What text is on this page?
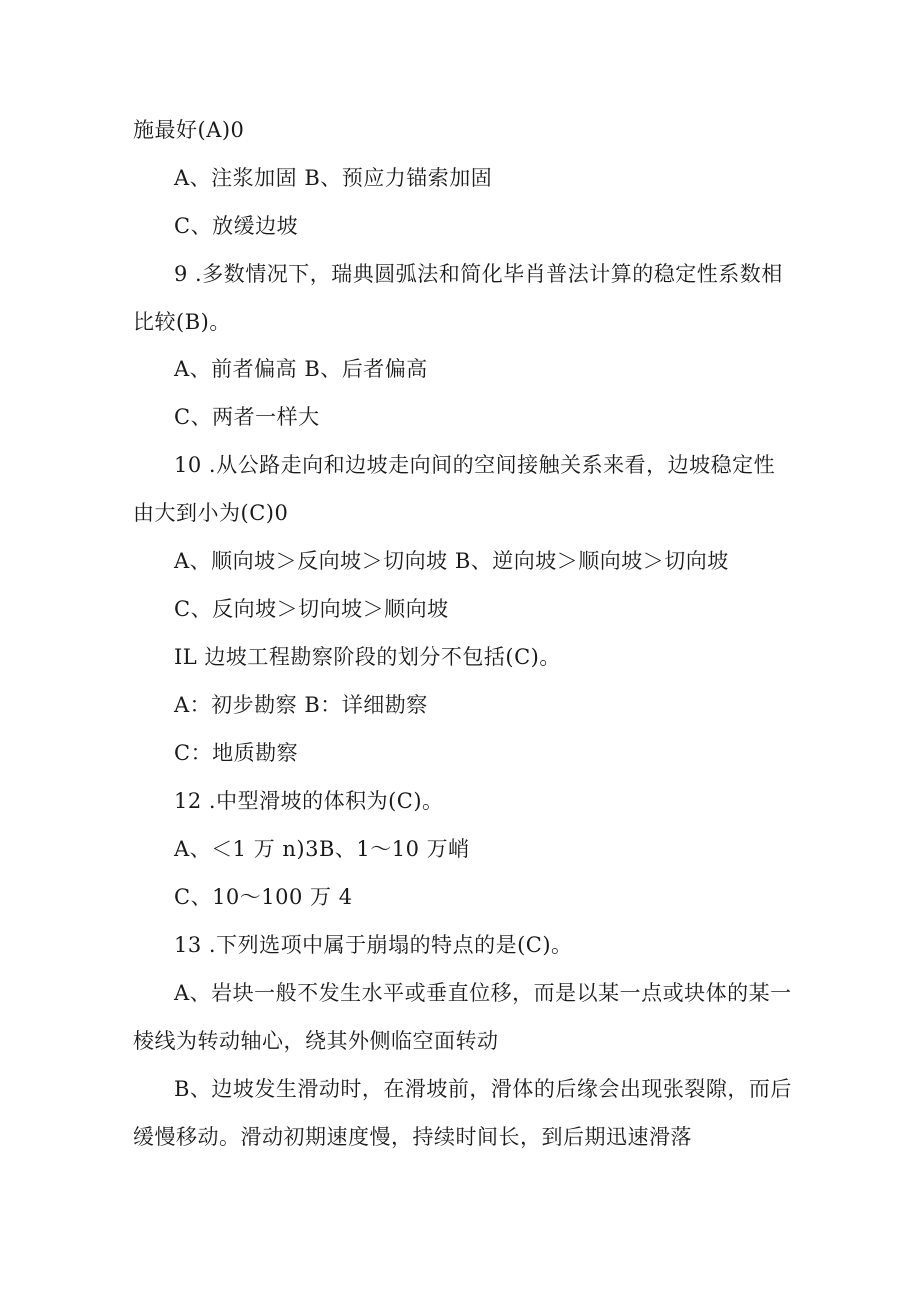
施最好(A)0
A、注浆加固 B、预应力锚索加固
C、放缓边坡
9 .多数情况下，瑞典圆弧法和简化毕肖普法计算的稳定性系数相
比较(B)。
A、前者偏高 B、后者偏高
C、两者一样大
10 .从公路走向和边坡走向间的空间接触关系来看，边坡稳定性
由大到小为(C)0
A、顺向坡＞反向坡＞切向坡 B、逆向坡＞顺向坡＞切向坡
C、反向坡＞切向坡＞顺向坡
IL 边坡工程勘察阶段的划分不包括(C)。
A：初步勘察 B：详细勘察
C：地质勘察
12 .中型滑坡的体积为(C)。
A、＜1 万 n)3B、1～10 万峭
C、10～100 万 4
13 .下列选项中属于崩塌的特点的是(C)。
A、岩块一般不发生水平或垂直位移，而是以某一点或块体的某一
棱线为转动轴心，绕其外侧临空面转动
B、边坡发生滑动时，在滑坡前，滑体的后缘会出现张裂隙，而后
缓慢移动。滑动初期速度慢，持续时间长，到后期迅速滑落
